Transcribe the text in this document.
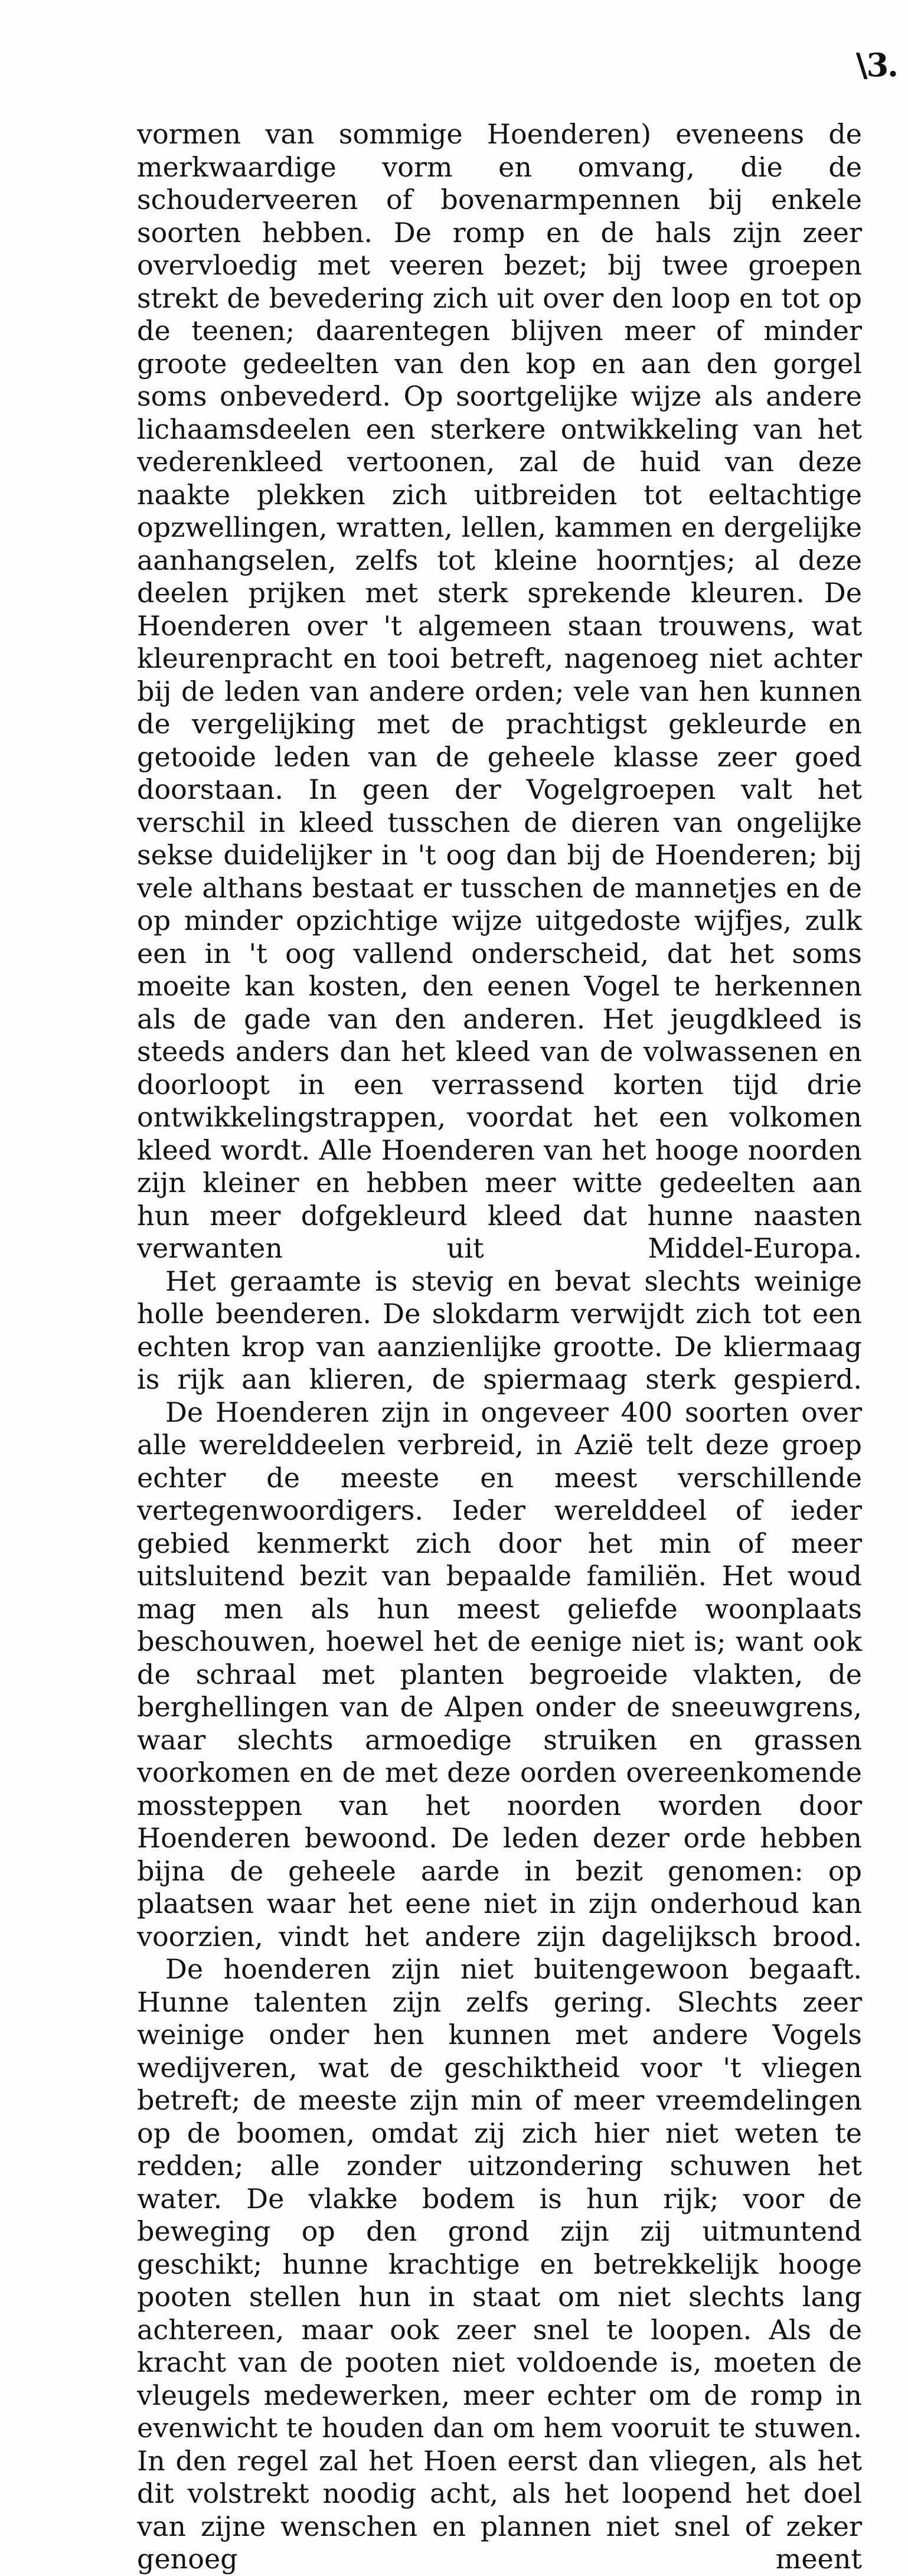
\3.

vormen van sommige Hoenderen) eveneens de merkwaardige vorm en omvang, die de schouderveeren of bovenarmpennen bij enkele soorten hebben. De romp en de hals zijn zeer overvloedig met veeren bezet; bij twee groepen strekt de bevedering zich uit over den loop en tot op de teenen; daarentegen blijven meer of minder groote gedeelten van den kop en aan den gorgel soms onbevederd. Op soortgelijke wijze als andere lichaamsdeelen een sterkere ontwikkeling van het vederenkleed vertoonen, zal de huid van deze naakte plekken zich uitbreiden tot eeltachtige opzwellingen, wratten, lellen, kammen en dergelijke aanhangselen, zelfs tot kleine hoorntjes; al deze deelen prijken met sterk sprekende kleuren. De Hoenderen over 't algemeen staan trouwens, wat kleurenpracht en tooi betreft, nagenoeg niet achter bij de leden van andere orden; vele van hen kunnen de vergelijking met de prachtigst gekleurde en getooide leden van de geheele klasse zeer goed doorstaan. In geen der Vogelgroepen valt het verschil in kleed tusschen de dieren van ongelijke sekse duidelijker in 't oog dan bij de Hoenderen; bij vele althans bestaat er tusschen de mannetjes en de op minder opzichtige wijze uitgedoste wijfjes, zulk een in 't oog vallend onderscheid, dat het soms moeite kan kosten, den eenen Vogel te herkennen als de gade van den anderen. Het jeugdkleed is steeds anders dan het kleed van de volwassenen en doorloopt in een verrassend korten tijd drie ontwikkelingstrappen, voordat het een volkomen kleed wordt. Alle Hoenderen van het hooge noorden zijn kleiner en hebben meer witte gedeelten aan hun meer dofgekleurd kleed dat hunne naasten verwanten uit Middel-Europa.

Het geraamte is stevig en bevat slechts weinige holle beenderen. De slokdarm verwijdt zich tot een echten krop van aanzienlijke grootte. De kliermaag is rijk aan klieren, de spiermaag sterk gespierd.

De Hoenderen zijn in ongeveer 400 soorten over alle werelddeelen verbreid, in Azië telt deze groep echter de meeste en meest verschillende vertegenwoordigers. Ieder werelddeel of ieder gebied kenmerkt zich door het min of meer uitsluitend bezit van bepaalde familiën. Het woud mag men als hun meest geliefde woonplaats beschouwen, hoewel het de eenige niet is; want ook de schraal met planten begroeide vlakten, de berghellingen van de Alpen onder de sneeuwgrens, waar slechts armoedige struiken en grassen voorkomen en de met deze oorden overeenkomende mossteppen van het noorden worden door Hoenderen bewoond. De leden dezer orde hebben bijna de geheele aarde in bezit genomen: op plaatsen waar het eene niet in zijn onderhoud kan voorzien, vindt het andere zijn dagelijksch brood.

De hoenderen zijn niet buitengewoon begaaft. Hunne talenten zijn zelfs gering. Slechts zeer weinige onder hen kunnen met andere Vogels wedijveren, wat de geschiktheid voor 't vliegen betreft; de meeste zijn min of meer vreemdelingen op de boomen, omdat zij zich hier niet weten te redden; alle zonder uitzondering schuwen het water. De vlakke bodem is hun rijk; voor de beweging op den grond zijn zij uitmuntend geschikt; hunne krachtige en betrekkelijk hooge pooten stellen hun in staat om niet slechts lang achtereen, maar ook zeer snel te loopen. Als de kracht van de pooten niet voldoende is, moeten de vleugels medewerken, meer echter om de romp in evenwicht te houden dan om hem vooruit te stuwen. In den regel zal het Hoen eerst dan vliegen, als het dit volstrekt noodig acht, als het loopend het doel van zijne wenschen en plannen niet snel of zeker genoeg meent
